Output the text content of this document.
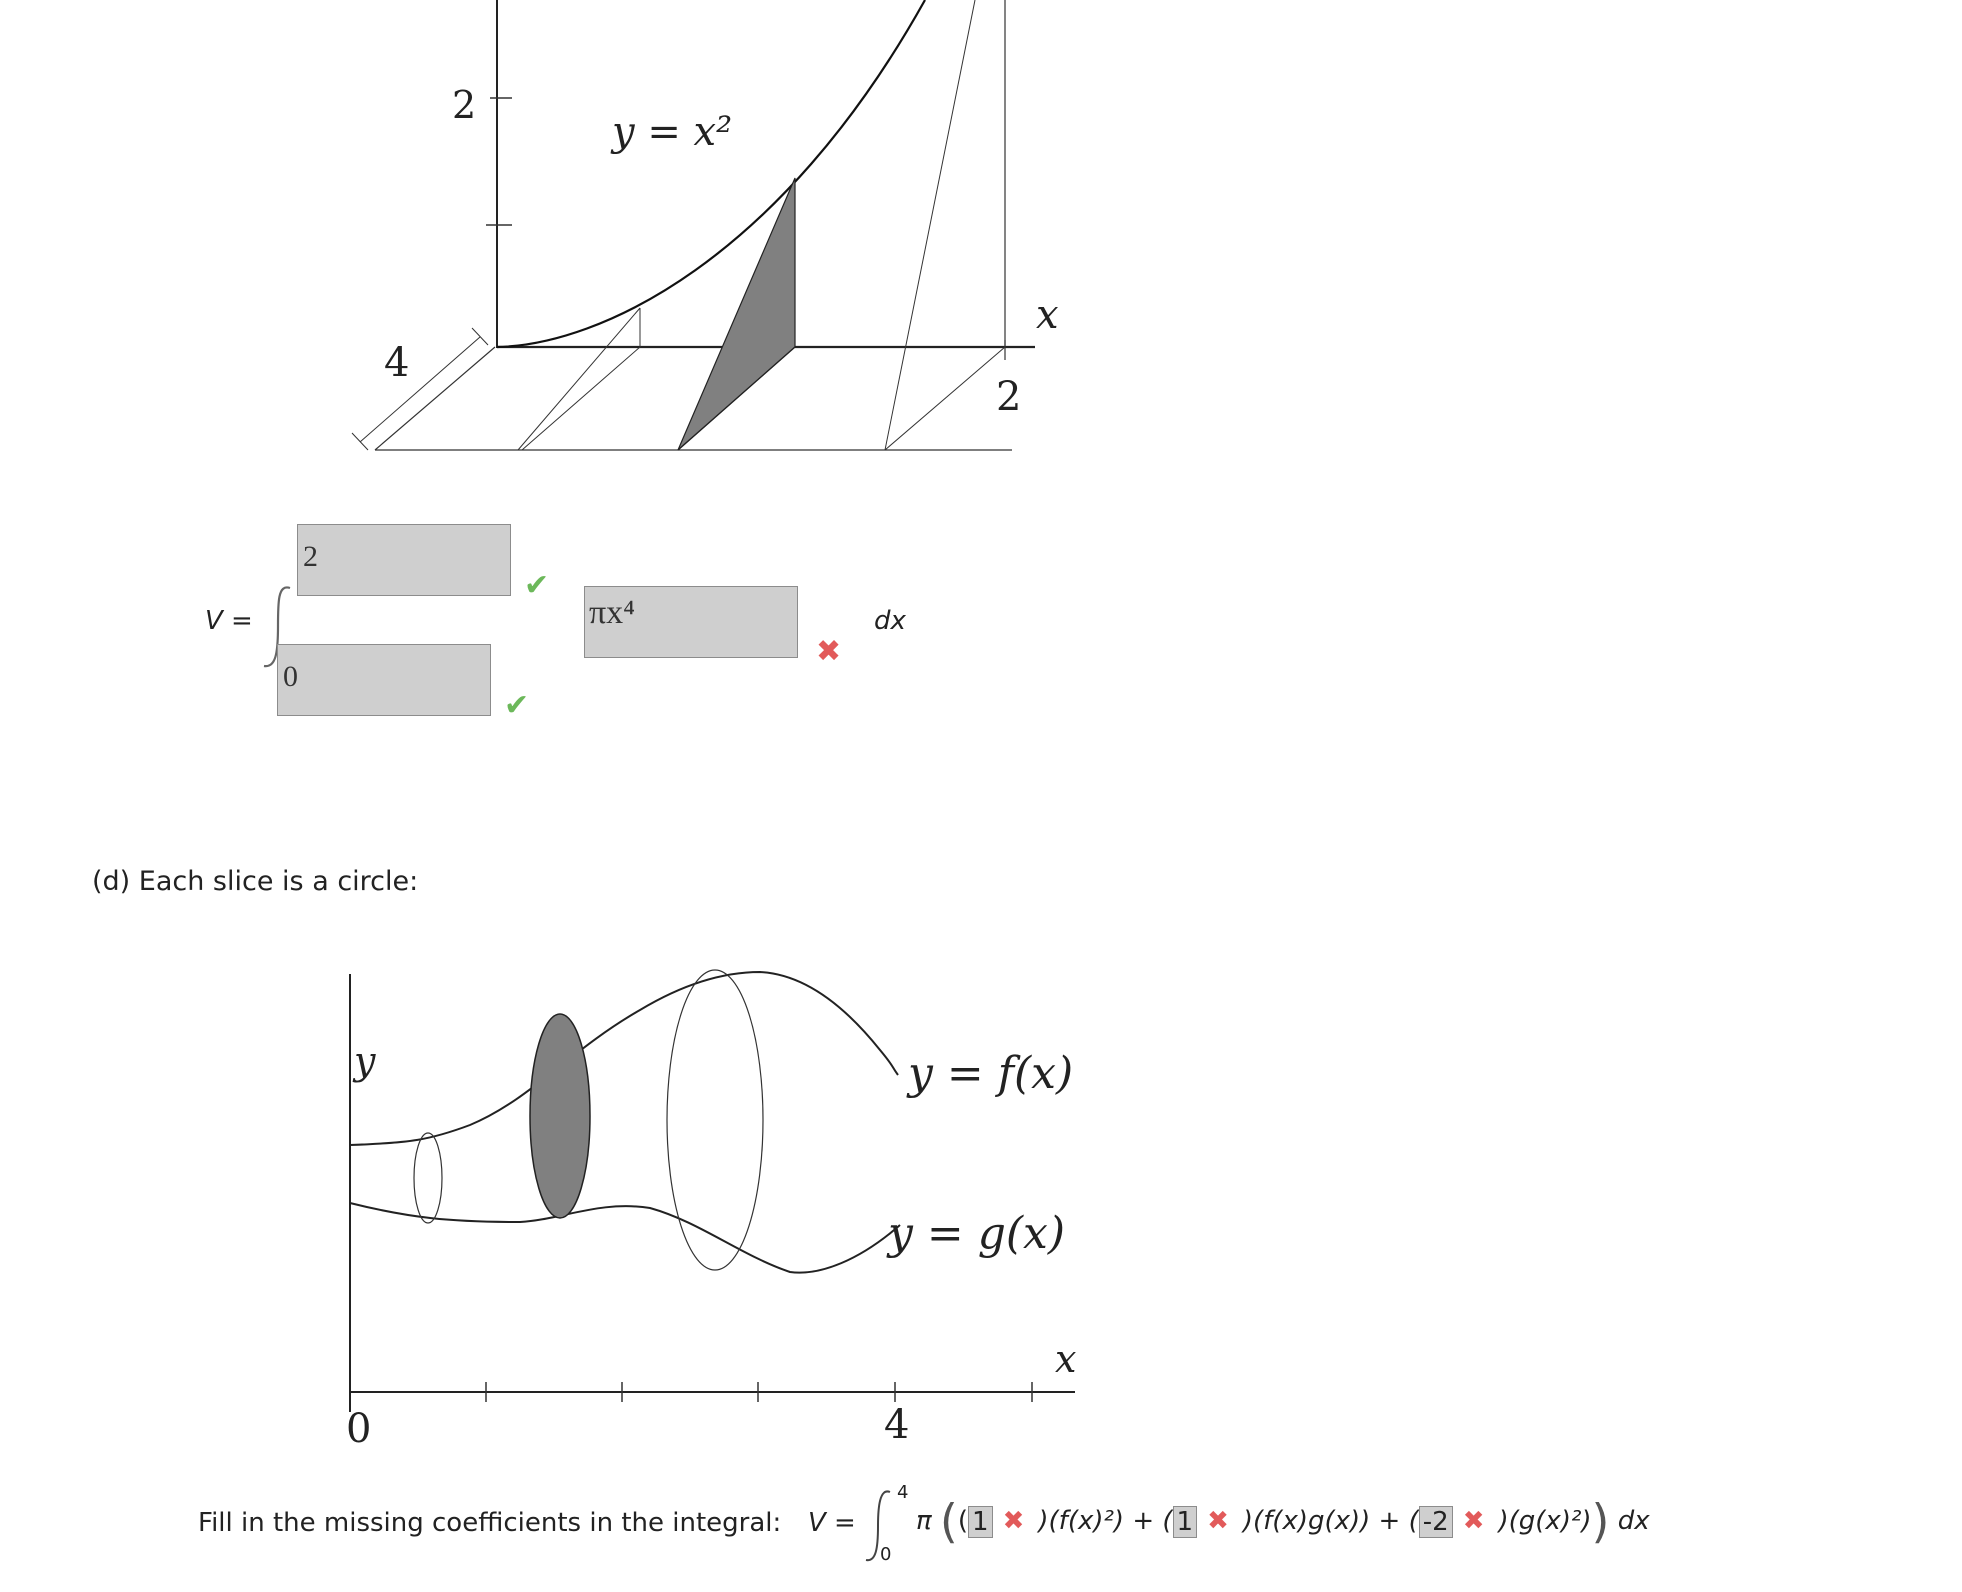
2
y = x²
x
4
2
V =
2
✔
0
✔
πx⁴
✖
dx
(d) Each slice is a circle:
y	y = f(x)
y = g(x)
x
0	4
Fill in the missing coefficients in the integral: V =
4
0
π (( 1 ✖ )(f(x)²) + ( 1 ✖ )(f(x)g(x)) + ( -2 ✖ )(g(x)²)) dx
